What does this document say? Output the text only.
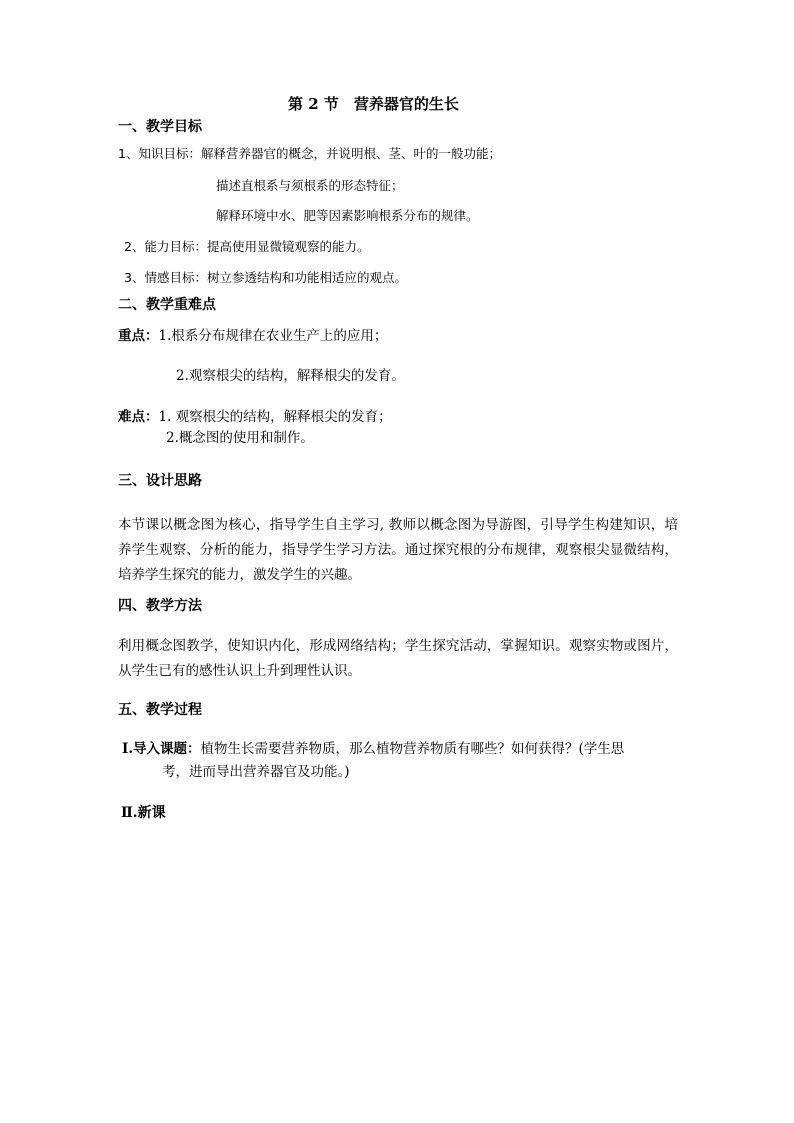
第 2 节　营养器官的生长
一、教学目标
1、知识目标：解释营养器官的概念，并说明根、茎、叶的一般功能；
描述直根系与须根系的形态特征；
解释环境中水、肥等因素影响根系分布的规律。
2、能力目标：提高使用显微镜观察的能力。
3、情感目标：树立参透结构和功能相适应的观点。
二、教学重难点
重点：1.根系分布规律在农业生产上的应用；
2.观察根尖的结构，解释根尖的发育。
难点：1. 观察根尖的结构，解释根尖的发育；
2.概念图的使用和制作。
三、设计思路
本节课以概念图为核心，指导学生自主学习, 教师以概念图为导游图，引导学生构建知识，培养学生观察、分析的能力，指导学生学习方法。通过探究根的分布规律，观察根尖显微结构，培养学生探究的能力，激发学生的兴趣。
四、教学方法
利用概念图教学，使知识内化，形成网络结构；学生探究活动，掌握知识。观察实物或图片，从学生已有的感性认识上升到理性认识。
五、教学过程
Ⅰ.导入课题：植物生长需要营养物质，那么植物营养物质有哪些？如何获得？(学生思
考，进而导出营养器官及功能。)
Ⅱ.新课
